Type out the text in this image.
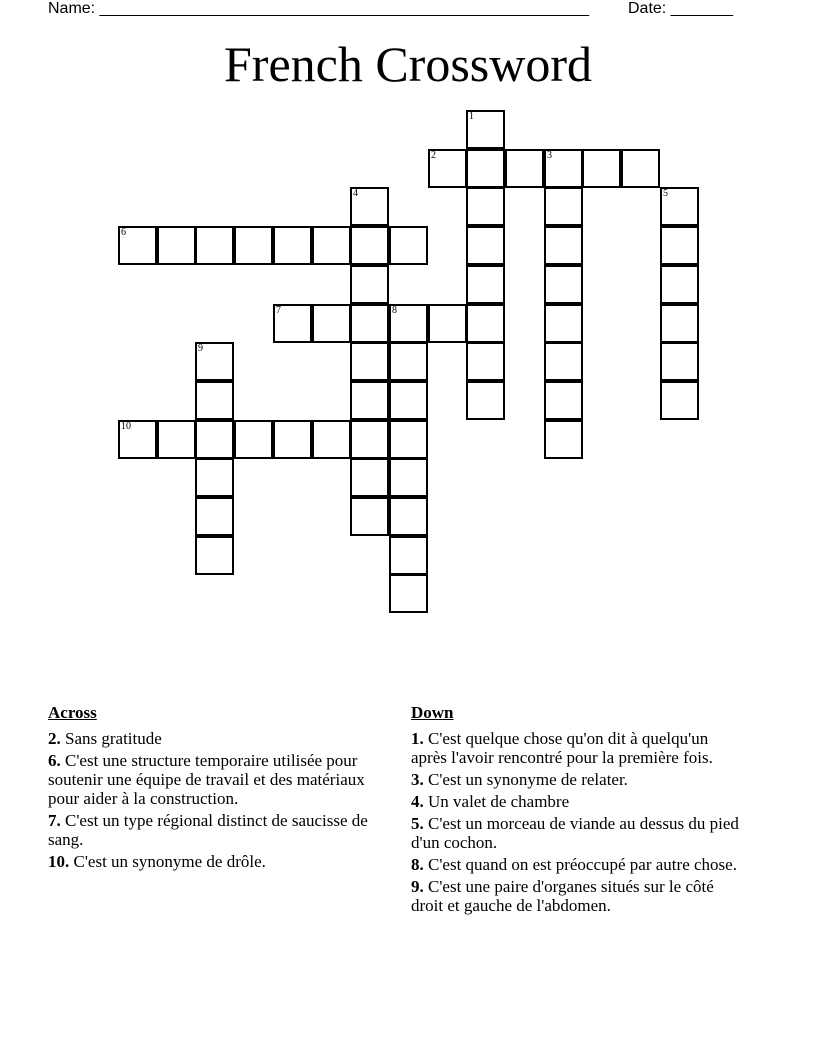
Name: _______________________________________________________ Date: _______
French Crossword
1
2	3
4	5
6
7	8
9
10
Across
2. Sans gratitude
6. C'est une structure temporaire utilisée pour soutenir une équipe de travail et des matériaux pour aider à la construction.
7. C'est un type régional distinct de saucisse de sang.
10. C'est un synonyme de drôle.
Down
1. C'est quelque chose qu'on dit à quelqu'un après l'avoir rencontré pour la première fois.
3. C'est un synonyme de relater.
4. Un valet de chambre
5. C'est un morceau de viande au dessus du pied d'un cochon.
8. C'est quand on est préoccupé par autre chose.
9. C'est une paire d'organes situés sur le côté droit et gauche de l'abdomen.
